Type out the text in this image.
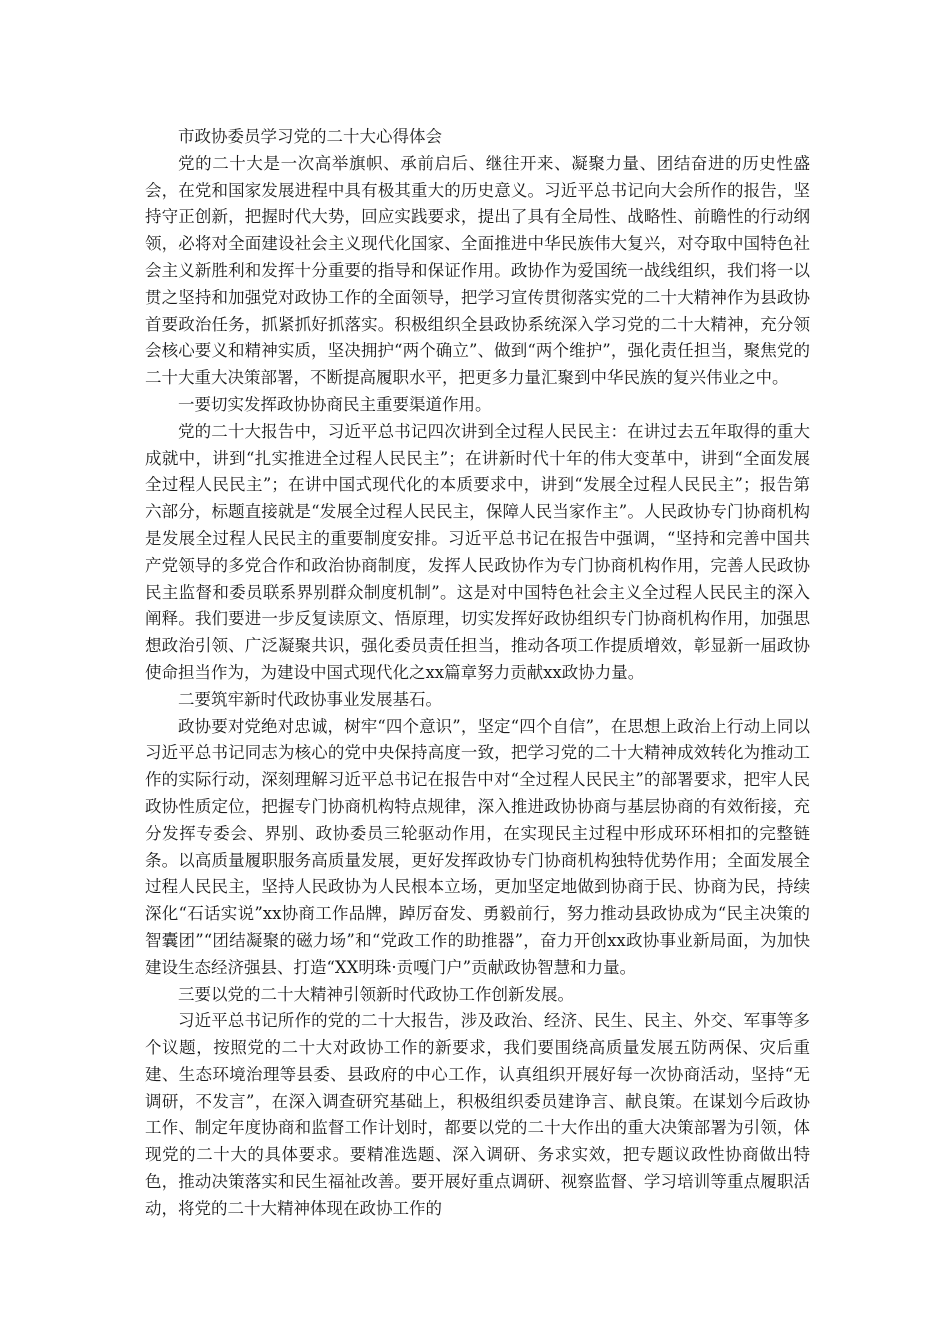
市政协委员学习党的二十大心得体会

党的二十大是一次高举旗帜、承前启后、继往开来、凝聚力量、团结奋进的历史性盛会，在党和国家发展进程中具有极其重大的历史意义。习近平总书记向大会所作的报告，坚持守正创新，把握时代大势，回应实践要求，提出了具有全局性、战略性、前瞻性的行动纲领，必将对全面建设社会主义现代化国家、全面推进中华民族伟大复兴，对夺取中国特色社会主义新胜利和发挥十分重要的指导和保证作用。政协作为爱国统一战线组织，我们将一以贯之坚持和加强党对政协工作的全面领导，把学习宣传贯彻落实党的二十大精神作为县政协首要政治任务，抓紧抓好抓落实。积极组织全县政协系统深入学习党的二十大精神，充分领会核心要义和精神实质，坚决拥护“两个确立”、做到“两个维护”，强化责任担当，聚焦党的二十大重大决策部署，不断提高履职水平，把更多力量汇聚到中华民族的复兴伟业之中。

一要切实发挥政协协商民主重要渠道作用。

党的二十大报告中，习近平总书记四次讲到全过程人民民主：在讲过去五年取得的重大成就中，讲到“扎实推进全过程人民民主”；在讲新时代十年的伟大变革中，讲到“全面发展全过程人民民主”；在讲中国式现代化的本质要求中，讲到“发展全过程人民民主”；报告第六部分，标题直接就是“发展全过程人民民主，保障人民当家作主”。人民政协专门协商机构是发展全过程人民民主的重要制度安排。习近平总书记在报告中强调，“坚持和完善中国共产党领导的多党合作和政治协商制度，发挥人民政协作为专门协商机构作用，完善人民政协民主监督和委员联系界别群众制度机制”。这是对中国特色社会主义全过程人民民主的深入阐释。我们要进一步反复读原文、悟原理，切实发挥好政协组织专门协商机构作用，加强思想政治引领、广泛凝聚共识，强化委员责任担当，推动各项工作提质增效，彰显新一届政协使命担当作为，为建设中国式现代化之xx篇章努力贡献xx政协力量。

二要筑牢新时代政协事业发展基石。

政协要对党绝对忠诚，树牢“四个意识”，坚定“四个自信”，在思想上政治上行动上同以习近平总书记同志为核心的党中央保持高度一致，把学习党的二十大精神成效转化为推动工作的实际行动，深刻理解习近平总书记在报告中对“全过程人民民主”的部署要求，把牢人民政协性质定位，把握专门协商机构特点规律，深入推进政协协商与基层协商的有效衔接，充分发挥专委会、界别、政协委员三轮驱动作用，在实现民主过程中形成环环相扣的完整链条。以高质量履职服务高质量发展，更好发挥政协专门协商机构独特优势作用；全面发展全过程人民民主，坚持人民政协为人民根本立场，更加坚定地做到协商于民、协商为民，持续深化“石话实说”xx协商工作品牌，踔厉奋发、勇毅前行，努力推动县政协成为“民主决策的智囊团”“团结凝聚的磁力场”和“党政工作的助推器”，奋力开创xx政协事业新局面，为加快建设生态经济强县、打造“XX明珠·贡嘎门户”贡献政协智慧和力量。

三要以党的二十大精神引领新时代政协工作创新发展。

习近平总书记所作的党的二十大报告，涉及政治、经济、民生、民主、外交、军事等多个议题，按照党的二十大对政协工作的新要求，我们要围绕高质量发展五防两保、灾后重建、生态环境治理等县委、县政府的中心工作，认真组织开展好每一次协商活动，坚持“无调研，不发言”，在深入调查研究基础上，积极组织委员建诤言、献良策。在谋划今后政协工作、制定年度协商和监督工作计划时，都要以党的二十大作出的重大决策部署为引领，体现党的二十大的具体要求。要精准选题、深入调研、务求实效，把专题议政性协商做出特色，推动决策落实和民生福祉改善。要开展好重点调研、视察监督、学习培训等重点履职活动，将党的二十大精神体现在政协工作的
